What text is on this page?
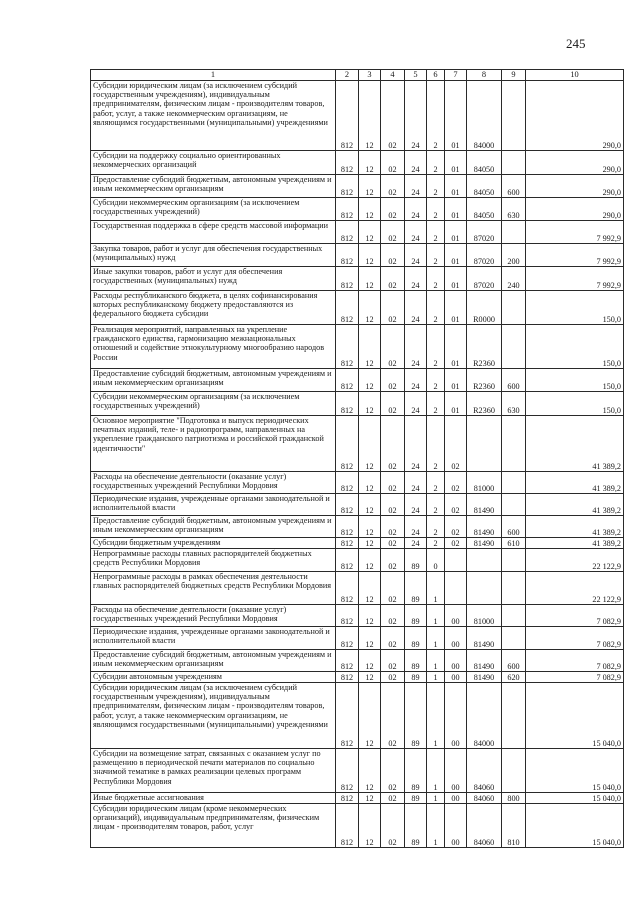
245
1	2	3	4	5	6	7	8	9	10
Субсидии юридическим лицам (за исключением субсидий государственным учреждениям), индивидуальным предпринимателям, физическим лицам - производителям товаров, работ, услуг, а также некоммерческим организациям, не являющимся государственными (муниципальными) учреждениями	812	12	02	24	2	01	84000		290,0
Субсидии на поддержку социально ориентированных некоммерческих организаций	812	12	02	24	2	01	84050		290,0
Предоставление субсидий бюджетным, автономным учреждениям и иным некоммерческим организациям	812	12	02	24	2	01	84050	600	290,0
Субсидии некоммерческим организациям (за исключением государственных учреждений)	812	12	02	24	2	01	84050	630	290,0
Государственная поддержка в сфере средств массовой информации	812	12	02	24	2	01	87020		7 992,9
Закупка товаров, работ и услуг для обеспечения государственных (муниципальных) нужд	812	12	02	24	2	01	87020	200	7 992,9
Иные закупки товаров, работ и услуг для обеспечения государственных (муниципальных) нужд	812	12	02	24	2	01	87020	240	7 992,9
Расходы республиканского бюджета, в целях софинансирования которых республиканскому бюджету предоставляются из федерального бюджета субсидии	812	12	02	24	2	01	R0000		150,0
Реализация мероприятий, направленных на укрепление гражданского единства, гармонизацию межнациональных отношений и содействие этнокультурному многообразию народов России	812	12	02	24	2	01	R2360		150,0
Предоставление субсидий бюджетным, автономным учреждениям и иным некоммерческим организациям	812	12	02	24	2	01	R2360	600	150,0
Субсидии некоммерческим организациям (за исключением государственных учреждений)	812	12	02	24	2	01	R2360	630	150,0
Основное мероприятие "Подготовка и выпуск периодических печатных изданий, теле- и радиопрограмм, направленных на укрепление гражданского патриотизма и российской гражданской идентичности"	812	12	02	24	2	02			41 389,2
Расходы на обеспечение деятельности (оказание услуг) государственных учреждений Республики Мордовия	812	12	02	24	2	02	81000		41 389,2
Периодические издания, учрежденные органами законодательной и исполнительной власти	812	12	02	24	2	02	81490		41 389,2
Предоставление субсидий бюджетным, автономным учреждениям и иным некоммерческим организациям	812	12	02	24	2	02	81490	600	41 389,2
Субсидии бюджетным учреждениям	812	12	02	24	2	02	81490	610	41 389,2
Непрограммные расходы главных распорядителей бюджетных средств Республики Мордовия	812	12	02	89	0				22 122,9
Непрограммные расходы в рамках обеспечения деятельности главных распорядителей бюджетных средств Республики Мордовия	812	12	02	89	1				22 122,9
Расходы на обеспечение деятельности (оказание услуг) государственных учреждений Республики Мордовия	812	12	02	89	1	00	81000		7 082,9
Периодические издания, учрежденные органами законодательной и исполнительной власти	812	12	02	89	1	00	81490		7 082,9
Предоставление субсидий бюджетным, автономным учреждениям и иным некоммерческим организациям	812	12	02	89	1	00	81490	600	7 082,9
Субсидии автономным учреждениям	812	12	02	89	1	00	81490	620	7 082,9
Субсидии юридическим лицам (за исключением субсидий государственным учреждениям), индивидуальным предпринимателям, физическим лицам - производителям товаров, работ, услуг, а также некоммерческим организациям, не являющимся государственными (муниципальными) учреждениями	812	12	02	89	1	00	84000		15 040,0
Субсидии на возмещение затрат, связанных с оказанием услуг по размещению в периодической печати материалов по социально значимой тематике в рамках реализации целевых программ Республики Мордовия	812	12	02	89	1	00	84060		15 040,0
Иные бюджетные ассигнования	812	12	02	89	1	00	84060	800	15 040,0
Субсидии юридическим лицам (кроме некоммерческих организаций), индивидуальным предпринимателям, физическим лицам - производителям товаров, работ, услуг	812	12	02	89	1	00	84060	810	15 040,0
